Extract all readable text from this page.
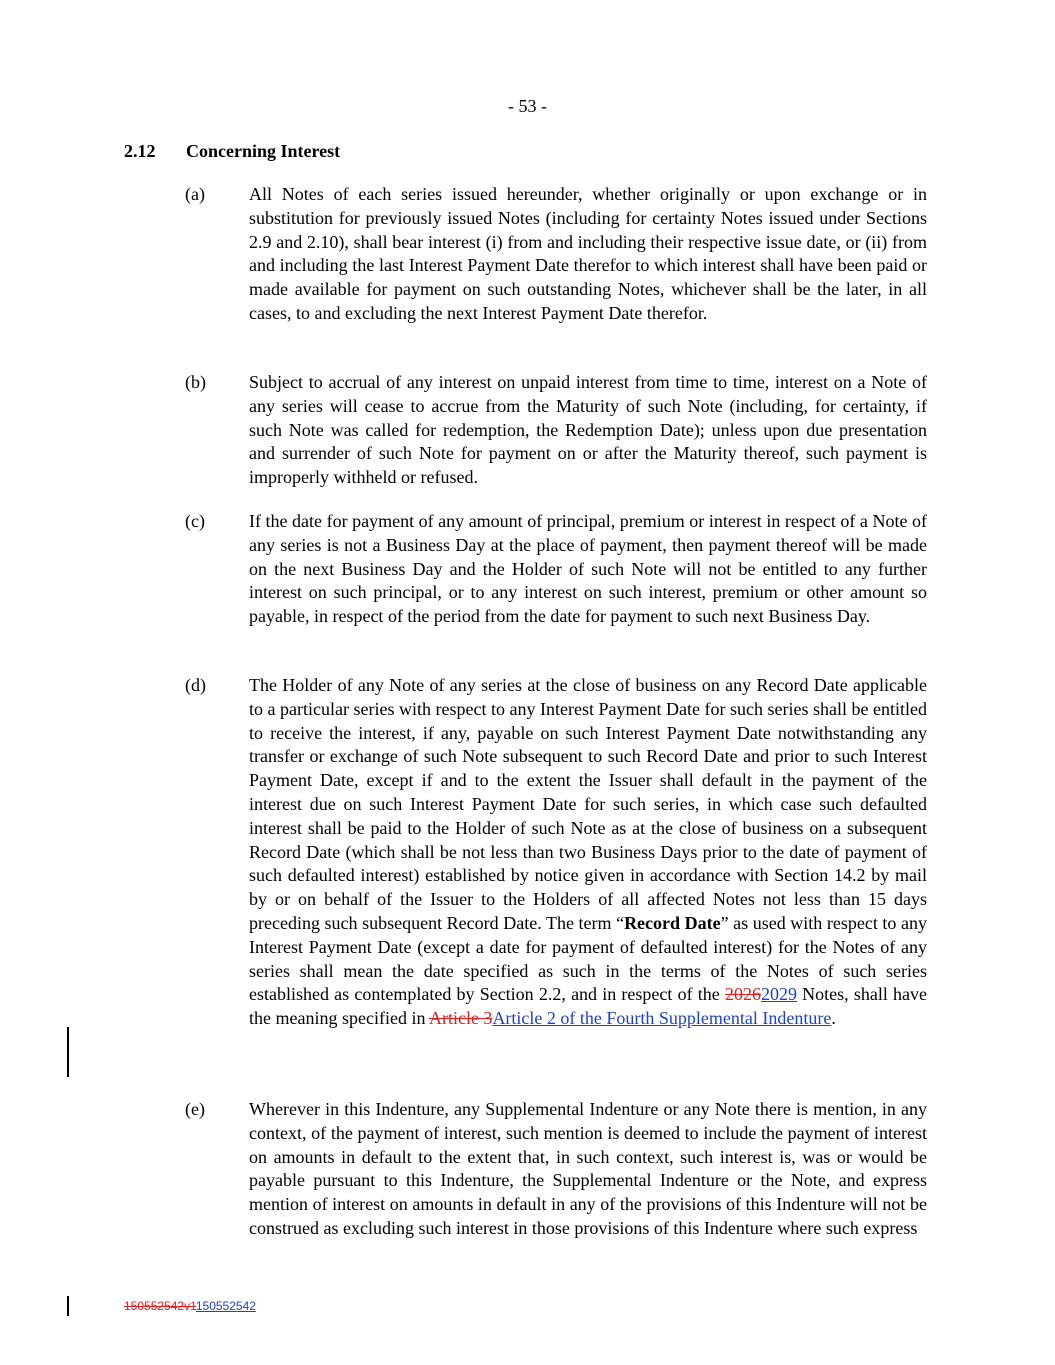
- 53 -
2.12 Concerning Interest
(a)	All Notes of each series issued hereunder, whether originally or upon exchange or in substitution for previously issued Notes (including for certainty Notes issued under Sections 2.9 and 2.10), shall bear interest (i) from and including their respective issue date, or (ii) from and including the last Interest Payment Date therefor to which interest shall have been paid or made available for payment on such outstanding Notes, whichever shall be the later, in all cases, to and excluding the next Interest Payment Date therefor.
(b)	Subject to accrual of any interest on unpaid interest from time to time, interest on a Note of any series will cease to accrue from the Maturity of such Note (including, for certainty, if such Note was called for redemption, the Redemption Date); unless upon due presentation and surrender of such Note for payment on or after the Maturity thereof, such payment is improperly withheld or refused.
(c)	If the date for payment of any amount of principal, premium or interest in respect of a Note of any series is not a Business Day at the place of payment, then payment thereof will be made on the next Business Day and the Holder of such Note will not be entitled to any further interest on such principal, or to any interest on such interest, premium or other amount so payable, in respect of the period from the date for payment to such next Business Day.
(d)	The Holder of any Note of any series at the close of business on any Record Date applicable to a particular series with respect to any Interest Payment Date for such series shall be entitled to receive the interest, if any, payable on such Interest Payment Date notwithstanding any transfer or exchange of such Note subsequent to such Record Date and prior to such Interest Payment Date, except if and to the extent the Issuer shall default in the payment of the interest due on such Interest Payment Date for such series, in which case such defaulted interest shall be paid to the Holder of such Note as at the close of business on a subsequent Record Date (which shall be not less than two Business Days prior to the date of payment of such defaulted interest) established by notice given in accordance with Section 14.2 by mail by or on behalf of the Issuer to the Holders of all affected Notes not less than 15 days preceding such subsequent Record Date. The term “Record Date” as used with respect to any Interest Payment Date (except a date for payment of defaulted interest) for the Notes of any series shall mean the date specified as such in the terms of the Notes of such series established as contemplated by Section 2.2, and in respect of the 20262029 Notes, shall have the meaning specified in Article 3Article 2 of the Fourth Supplemental Indenture.
(e)	Wherever in this Indenture, any Supplemental Indenture or any Note there is mention, in any context, of the payment of interest, such mention is deemed to include the payment of interest on amounts in default to the extent that, in such context, such interest is, was or would be payable pursuant to this Indenture, the Supplemental Indenture or the Note, and express mention of interest on amounts in default in any of the provisions of this Indenture will not be construed as excluding such interest in those provisions of this Indenture where such express
150552542v1150552542
